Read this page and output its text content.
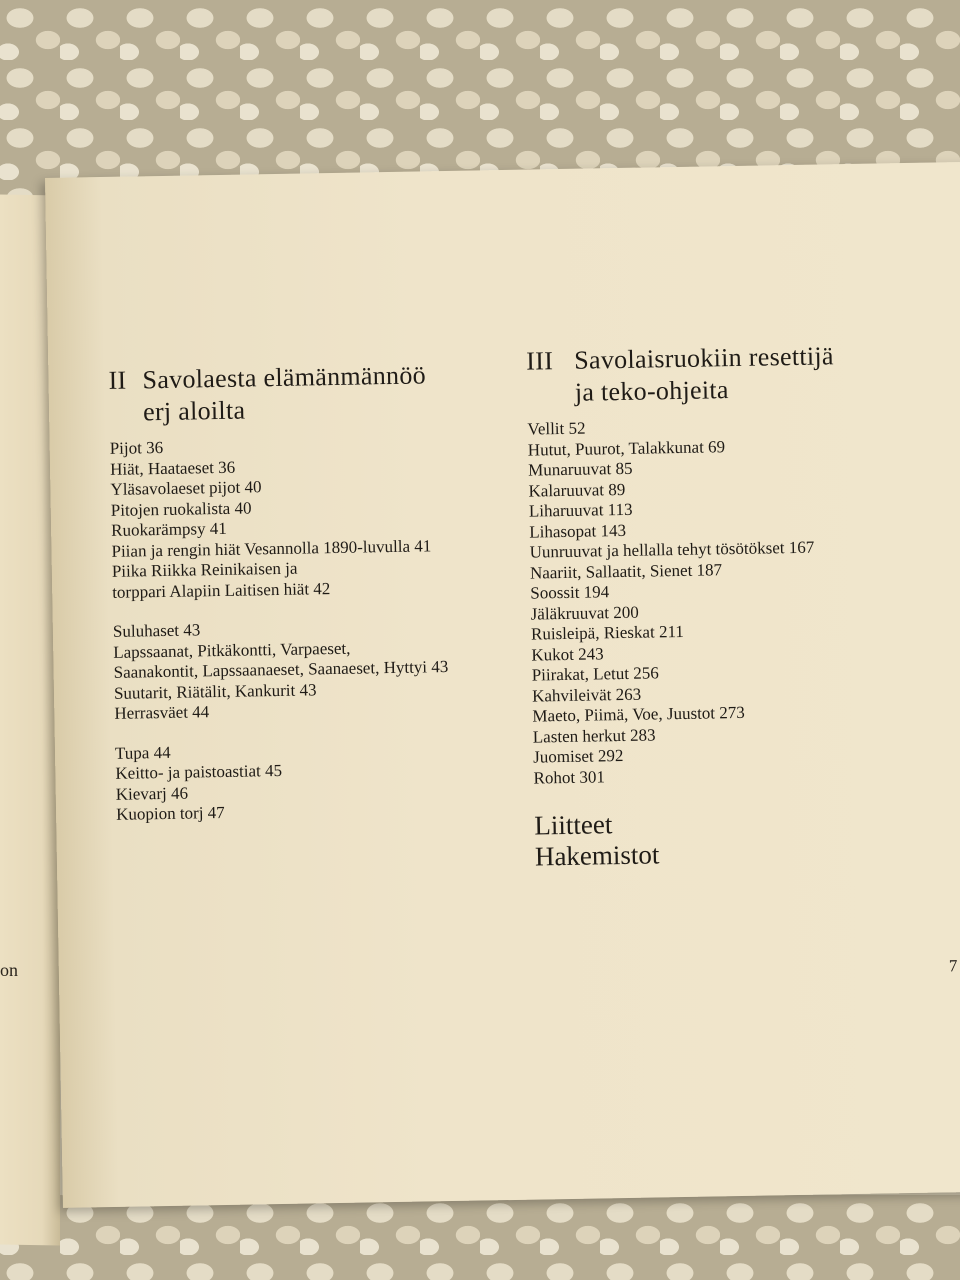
on
II Savolaesta elämänmännöö
erj aloilta
Pijot 36
Hiät, Haataeset 36
Yläsavolaeset pijot 40
Pitojen ruokalista 40
Ruokarämpsy 41
Piian ja rengin hiät Vesannolla 1890-luvulla 41
Piika Riikka Reinikaisen ja
torppari Alapiin Laitisen hiät 42
Suluhaset 43
Lapssaanat, Pitkäkontti, Varpaeset,
Saanakontit, Lapssaanaeset, Saanaeset, Hyttyi 43
Suutarit, Riätälit, Kankurit 43
Herrasväet 44
Tupa 44
Keitto- ja paistoastiat 45
Kievarj 46
Kuopion torj 47
III Savolaisruokiin resettijä
ja teko-ohjeita
Vellit 52
Hutut, Puurot, Talakkunat 69
Munaruuvat 85
Kalaruuvat 89
Liharuuvat 113
Lihasopat 143
Uunruuvat ja hellalla tehyt tösötökset 167
Naariit, Sallaatit, Sienet 187
Soossit 194
Jäläkruuvat 200
Ruisleipä, Rieskat 211
Kukot 243
Piirakat, Letut 256
Kahvileivät 263
Maeto, Piimä, Voe, Juustot 273
Lasten herkut 283
Juomiset 292
Rohot 301
Liitteet
Hakemistot
7
